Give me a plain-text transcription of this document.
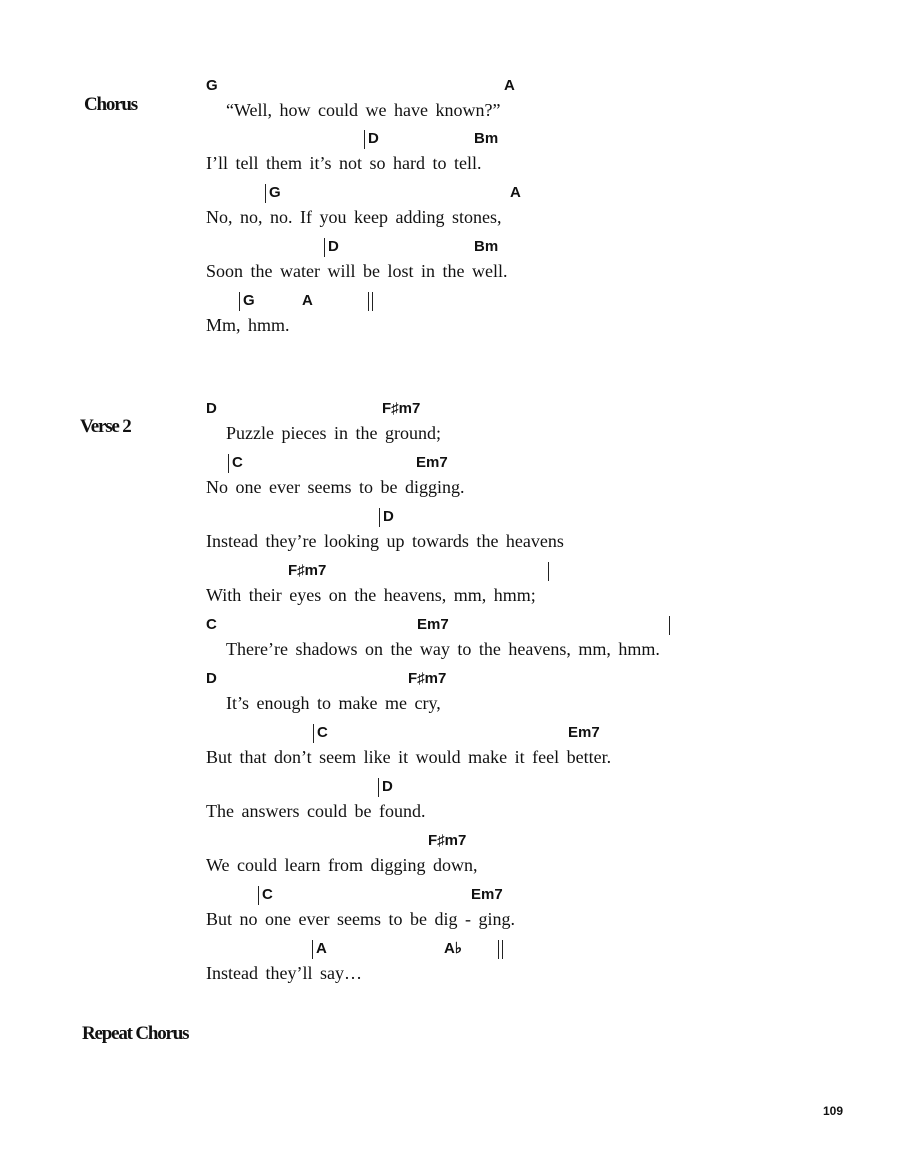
Chorus
Verse 2
Repeat Chorus
G	A
“Well, how could we have known?”
D	Bm
I’ll tell them it’s not so hard to tell.
G	A
No, no, no. If you keep adding stones,
D	Bm
Soon the water will be lost in the well.
G	A
Mm, hmm.
D	F♯m7
Puzzle pieces in the ground;
C	Em7
No one ever seems to be digging.
D
Instead they’re looking up towards the heavens
F♯m7
With their eyes on the heavens, mm, hmm;
C	Em7
There’re shadows on the way to the heavens, mm, hmm.
D	F♯m7
It’s enough to make me cry,
C	Em7
But that don’t seem like it would make it feel better.
D
The answers could be found.
F♯m7
We could learn from digging down,
C	Em7
But no one ever seems to be dig - ging.
A	A♭
Instead they’ll say…
109
